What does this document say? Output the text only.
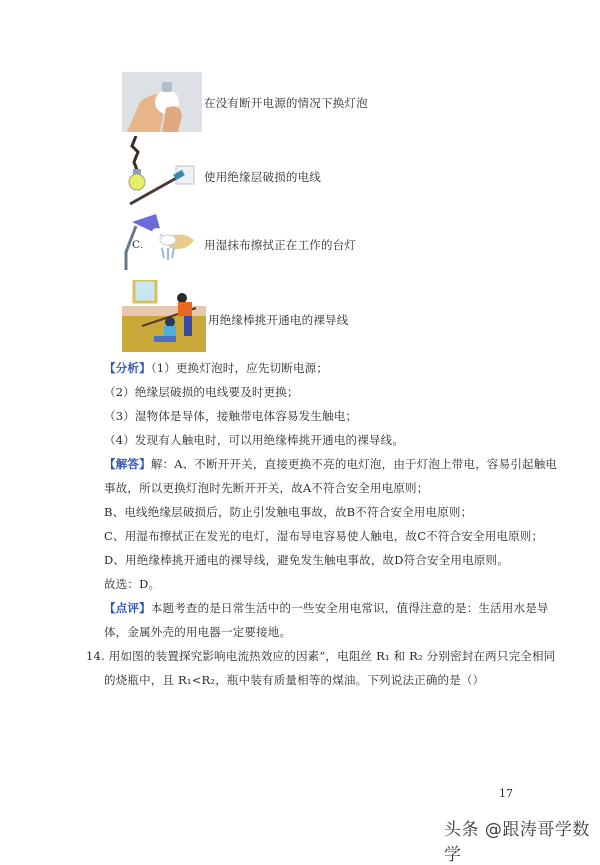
在没有断开电源的情况下换灯泡
使用绝缘层破损的电线
C.	用湿抹布擦拭正在工作的台灯
用绝缘棒挑开通电的裸导线
【分析】（1）更换灯泡时，应先切断电源；
（2）绝缘层破损的电线要及时更换；
（3）湿物体是导体，接触带电体容易发生触电；
（4）发现有人触电时，可以用绝缘棒挑开通电的裸导线。
【解答】解：A、不断开开关，直接更换不亮的电灯泡，由于灯泡上带电，容易引起触电
事故，所以更换灯泡时先断开开关，故A不符合安全用电原则；
B、电线绝缘层破损后，防止引发触电事故，故B不符合安全用电原则；
C、用湿布擦拭正在发光的电灯，湿布导电容易使人触电，故C不符合安全用电原则；
D、用绝缘棒挑开通电的裸导线，避免发生触电事故，故D符合安全用电原则。
故选：D。
【点评】本题考查的是日常生活中的一些安全用电常识，值得注意的是：生活用水是导
体，金属外壳的用电器一定要接地。
14. 用如图的装置探究影响电流热效应的因素”，电阻丝 R₁ 和 R₂ 分别密封在两只完全相同
的烧瓶中，且 R₁<R₂，瓶中装有质量相等的煤油。下列说法正确的是（）
17
头条 @跟涛哥学数学
